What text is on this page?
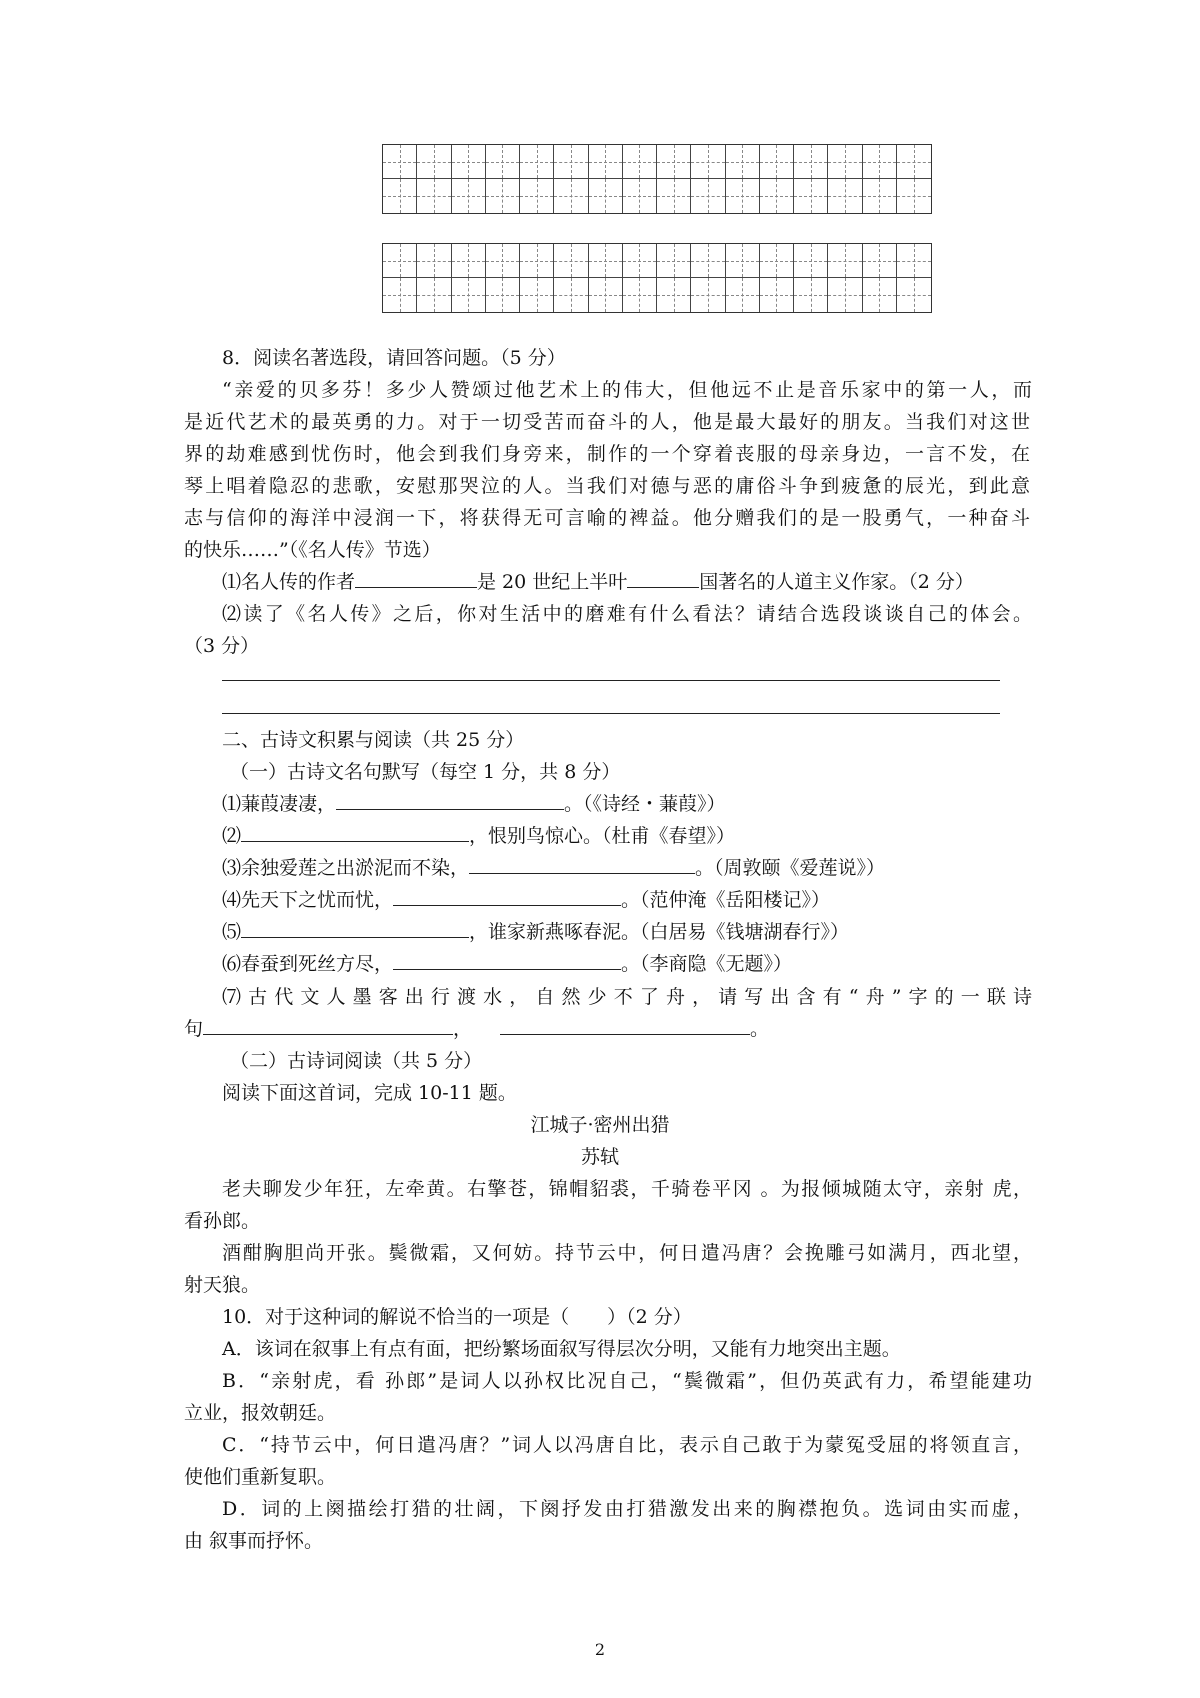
8．阅读名著选段，请回答问题。（5 分）
“亲爱的贝多芬！多少人赞颂过他艺术上的伟大，但他远不止是音乐家中的第一人，而
是近代艺术的最英勇的力。对于一切受苦而奋斗的人，他是最大最好的朋友。当我们对这世
界的劫难感到忧伤时，他会到我们身旁来，制作的一个穿着丧服的母亲身边，一言不发，在
琴上唱着隐忍的悲歌，安慰那哭泣的人。当我们对德与恶的庸俗斗争到疲惫的辰光，到此意
志与信仰的海洋中浸润一下，将获得无可言喻的裨益。他分赠我们的是一股勇气，一种奋斗
的快乐……”（《名人传》节选）
⑴名人传的作者	是 20 世纪上半叶	国著名的人道主义作家。（2 分）
⑵读了《名人传》之后，你对生活中的磨难有什么看法？请结合选段谈谈自己的体会。
（3 分）
二、古诗文积累与阅读（共 25 分）
（一）古诗文名句默写（每空 1 分，共 8 分）
⑴蒹葭凄凄，	。（《诗经・蒹葭》）
⑵	，恨别鸟惊心。（杜甫《春望》）
⑶余独爱莲之出淤泥而不染，	。（周敦颐《爱莲说》）
⑷先天下之忧而忧，	。（范仲淹《岳阳楼记》）
⑸	，谁家新燕啄春泥。（白居易《钱塘湖春行》）
⑹春蚕到死丝方尽，	。（李商隐《无题》）
⑺古代文人墨客出行渡水，自然少不了舟，请写出含有“舟”字的一联诗
句	，	。
（二）古诗词阅读（共 5 分）
阅读下面这首词，完成 10-11 题。
江城子·密州出猎
苏轼
老夫聊发少年狂，左牵黄。右擎苍，锦帽貂裘，千骑卷平冈 。为报倾城随太守，亲射 虎，
看孙郎。
酒酣胸胆尚开张。鬓微霜，又何妨。持节云中，何日遣冯唐？会挽雕弓如满月，西北望，
射天狼。
10．对于这种词的解说不恰当的一项是（　　）（2 分）
A．该词在叙事上有点有面，把纷繁场面叙写得层次分明，又能有力地突出主题。
B．“亲射虎，看 孙郎”是词人以孙权比况自己，“鬓微霜”，但仍英武有力，希望能建功
立业，报效朝廷。
C．“持节云中，何日遣冯唐？”词人以冯唐自比，表示自己敢于为蒙冤受屈的将领直言，
使他们重新复职。
D．词的上阕描绘打猎的壮阔，下阕抒发由打猎激发出来的胸襟抱负。选词由实而虚，
由 叙事而抒怀。
2
